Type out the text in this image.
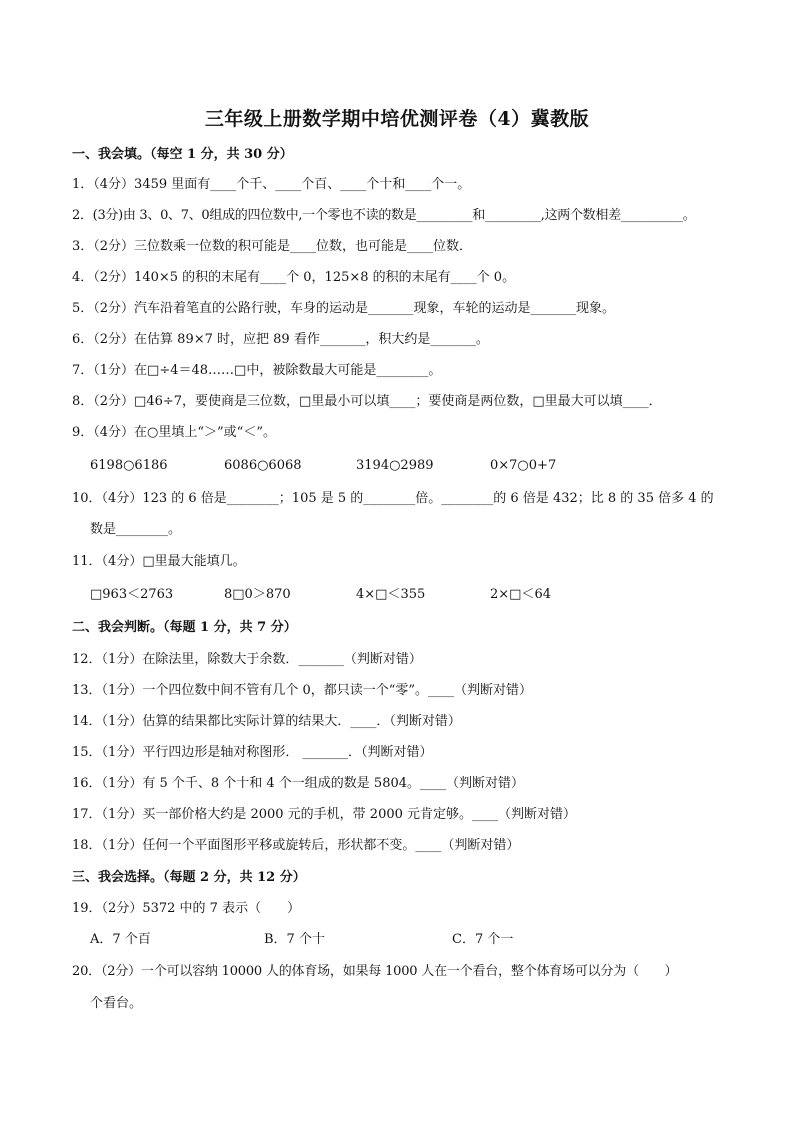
三年级上册数学期中培优测评卷（4）冀教版
一、我会填。（每空 1 分，共 30 分）
1．（4分）3459 里面有____个千、____个百、____个十和____个一。
2．(3分)由 3、0、7、0组成的四位数中,一个零也不读的数是_________和_________,这两个数相差__________。
3．（2分）三位数乘一位数的积可能是____位数，也可能是____位数．
4．（2分）140×5 的积的末尾有____个 0，125×8 的积的末尾有____个 0。
5．（2分）汽车沿着笔直的公路行驶，车身的运动是_______现象，车轮的运动是_______现象。
6．（2分）在估算 89×7 时，应把 89 看作_______，积大约是_______。
7．（1分）在□÷4＝48……□中，被除数最大可能是________。
8．（2分）□46÷7，要使商是三位数，□里最小可以填____；要使商是两位数，□里最大可以填____．
9．（4分）在○里填上“＞”或“＜”。
6198○6186	6086○6068	3194○2989	0×7○0+7
10．（4分）123 的 6 倍是________；105 是 5 的________倍。________的 6 倍是 432；比 8 的 35 倍多 4 的
数是________。
11．（4分）□里最大能填几。
□963＜2763	8□0＞870	4×□＜355	2×□＜64
二、我会判断。（每题 1 分，共 7 分）
12．（1分）在除法里，除数大于余数．_______（判断对错）
13．（1分）一个四位数中间不管有几个 0，都只读一个“零”。____（判断对错）
14．（1分）估算的结果都比实际计算的结果大．____．（判断对错）
15．（1分）平行四边形是轴对称图形． _______．（判断对错）
16．（1分）有 5 个千、8 个十和 4 个一组成的数是 5804。____（判断对错）
17．（1分）买一部价格大约是 2000 元的手机，带 2000 元肯定够。____（判断对错）
18．（1分）任何一个平面图形平移或旋转后，形状都不变。____（判断对错）
三、我会选择。（每题 2 分，共 12 分）
19．（2分）5372 中的 7 表示（　　）
A．7 个百	B．7 个十	C．7 个一
20．（2分）一个可以容纳 10000 人的体育场，如果每 1000 人在一个看台，整个体育场可以分为（　　）
个看台。
